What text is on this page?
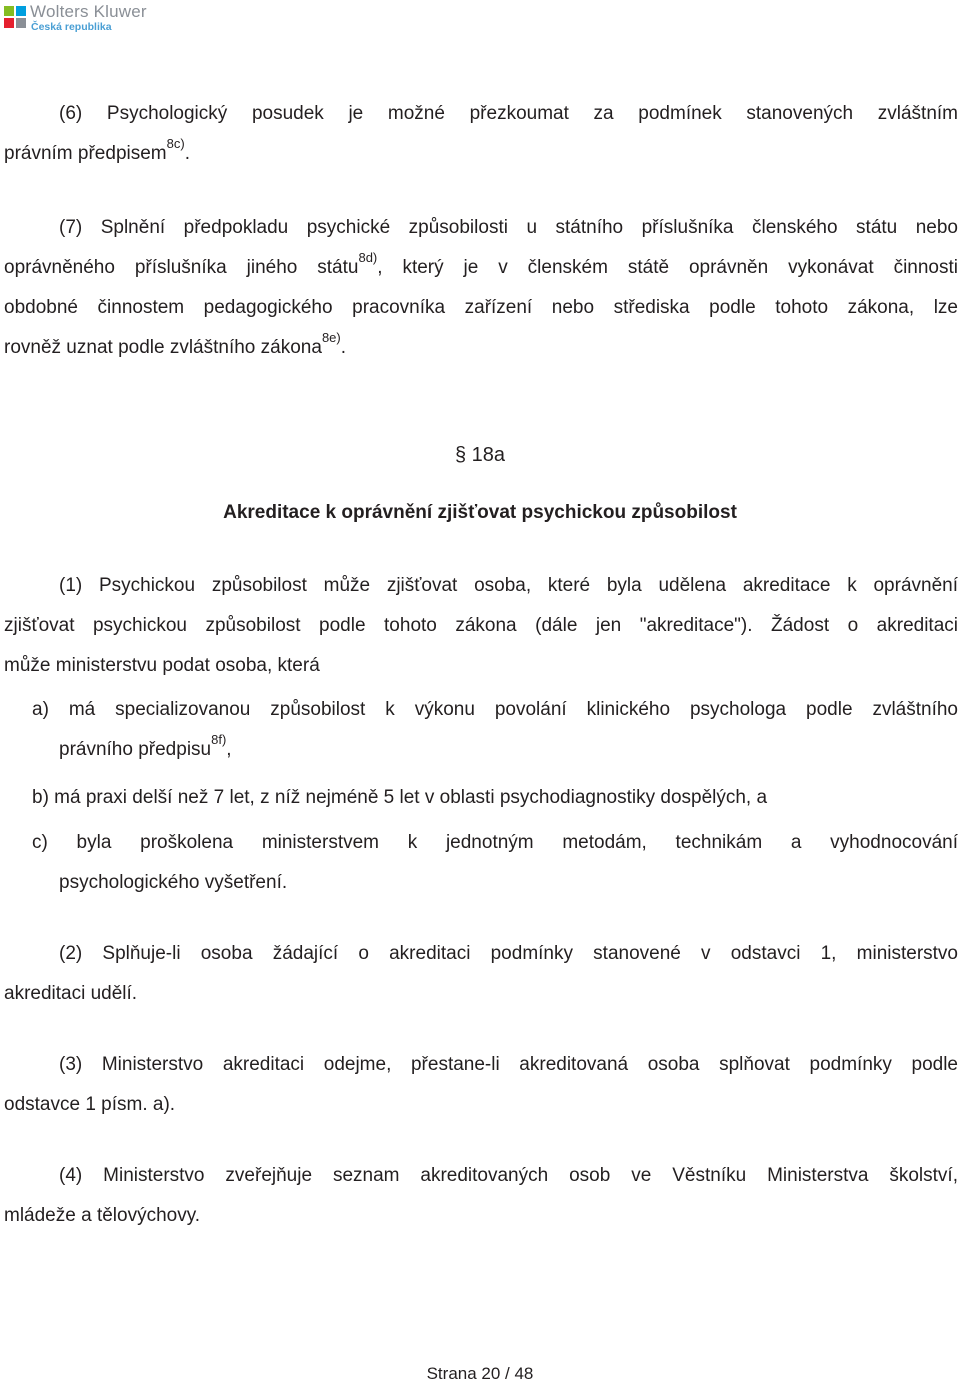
Wolters Kluwer
Česká republika
(6) Psychologický posudek je možné přezkoumat za podmínek stanovených zvláštním
právním předpisem$^{8c)}$.
(7) Splnění předpokladu psychické způsobilosti u státního příslušníka členského státu nebo
oprávněného příslušníka jiného státu$^{8d)}$, který je v členském státě oprávněn vykonávat činnosti
obdobné činnostem pedagogického pracovníka zařízení nebo střediska podle tohoto zákona, lze
rovněž uznat podle zvláštního zákona$^{8e)}$.
§ 18a
Akreditace k oprávnění zjišťovat psychickou způsobilost
(1) Psychickou způsobilost může zjišťovat osoba, které byla udělena akreditace k oprávnění
zjišťovat psychickou způsobilost podle tohoto zákona (dále jen "akreditace"). Žádost o akreditaci
může ministerstvu podat osoba, která
a) má specializovanou způsobilost k výkonu povolání klinického psychologa podle zvláštního
právního předpisu$^{8f)}$,
b) má praxi delší než 7 let, z níž nejméně 5 let v oblasti psychodiagnostiky dospělých, a
c) byla proškolena ministerstvem k jednotným metodám, technikám a vyhodnocování
psychologického vyšetření.
(2) Splňuje-li osoba žádající o akreditaci podmínky stanovené v odstavci 1, ministerstvo
akreditaci udělí.
(3) Ministerstvo akreditaci odejme, přestane-li akreditovaná osoba splňovat podmínky podle
odstavce 1 písm. a).
(4) Ministerstvo zveřejňuje seznam akreditovaných osob ve Věstníku Ministerstva školství,
mládeže a tělovýchovy.
Strana 20 / 48
